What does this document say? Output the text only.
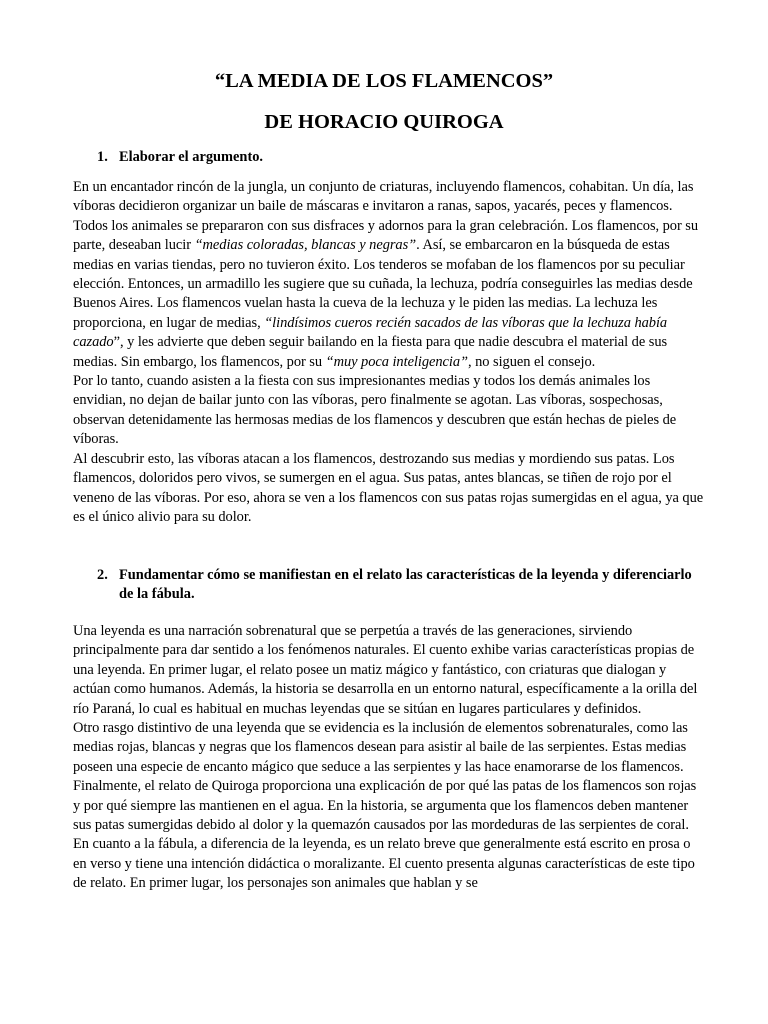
“LA MEDIA DE LOS FLAMENCOS”
DE HORACIO QUIROGA
1. Elaborar el argumento.

En un encantador rincón de la jungla, un conjunto de criaturas, incluyendo flamencos, cohabitan. Un día, las víboras decidieron organizar un baile de máscaras e invitaron a ranas, sapos, yacarés, peces y flamencos. Todos los animales se prepararon con sus disfraces y adornos para la gran celebración. Los flamencos, por su parte, deseaban lucir “medias coloradas, blancas y negras”. Así, se embarcaron en la búsqueda de estas medias en varias tiendas, pero no tuvieron éxito. Los tenderos se mofaban de los flamencos por su peculiar elección. Entonces, un armadillo les sugiere que su cuñada, la lechuza, podría conseguirles las medias desde Buenos Aires. Los flamencos vuelan hasta la cueva de la lechuza y le piden las medias. La lechuza les proporciona, en lugar de medias, “lindísimos cueros recién sacados de las víboras que la lechuza había cazado”, y les advierte que deben seguir bailando en la fiesta para que nadie descubra el material de sus medias. Sin embargo, los flamencos, por su “muy poca inteligencia”, no siguen el consejo.

Por lo tanto, cuando asisten a la fiesta con sus impresionantes medias y todos los demás animales los envidian, no dejan de bailar junto con las víboras, pero finalmente se agotan. Las víboras, sospechosas, observan detenidamente las hermosas medias de los flamencos y descubren que están hechas de pieles de víboras.

Al descubrir esto, las víboras atacan a los flamencos, destrozando sus medias y mordiendo sus patas. Los flamencos, doloridos pero vivos, se sumergen en el agua. Sus patas, antes blancas, se tiñen de rojo por el veneno de las víboras. Por eso, ahora se ven a los flamencos con sus patas rojas sumergidas en el agua, ya que es el único alivio para su dolor.

2. Fundamentar cómo se manifiestan en el relato las características de la leyenda y diferenciarlo de la fábula.

Una leyenda es una narración sobrenatural que se perpetúa a través de las generaciones, sirviendo principalmente para dar sentido a los fenómenos naturales. El cuento exhibe varias características propias de una leyenda. En primer lugar, el relato posee un matiz mágico y fantástico, con criaturas que dialogan y actúan como humanos. Además, la historia se desarrolla en un entorno natural, específicamente a la orilla del río Paraná, lo cual es habitual en muchas leyendas que se sitúan en lugares particulares y definidos.

Otro rasgo distintivo de una leyenda que se evidencia es la inclusión de elementos sobrenaturales, como las medias rojas, blancas y negras que los flamencos desean para asistir al baile de las serpientes. Estas medias poseen una especie de encanto mágico que seduce a las serpientes y las hace enamorarse de los flamencos.

Finalmente, el relato de Quiroga proporciona una explicación de por qué las patas de los flamencos son rojas y por qué siempre las mantienen en el agua. En la historia, se argumenta que los flamencos deben mantener sus patas sumergidas debido al dolor y la quemazón causados por las mordeduras de las serpientes de coral.

En cuanto a la fábula, a diferencia de la leyenda, es un relato breve que generalmente está escrito en prosa o en verso y tiene una intención didáctica o moralizante. El cuento presenta algunas características de este tipo de relato. En primer lugar, los personajes son animales que hablan y se
